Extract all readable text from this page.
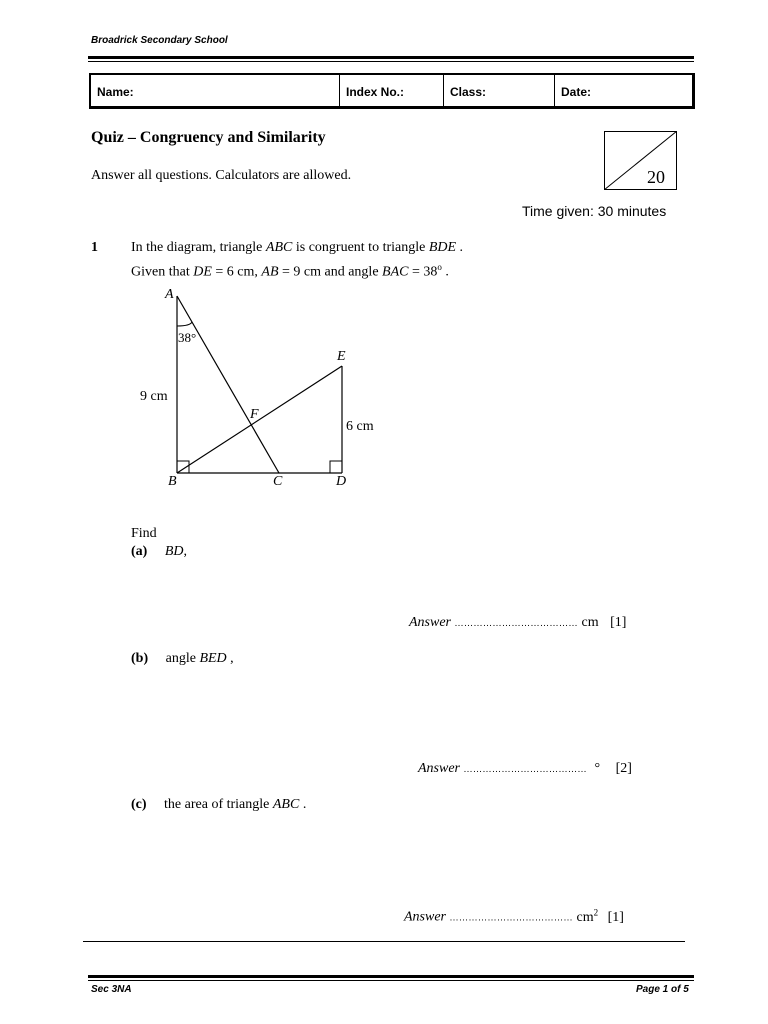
Broadrick Secondary School
Name:	Index No.:	Class:	Date:
Quiz – Congruency and Similarity
Answer all questions. Calculators are allowed.	20
Time given: 30 minutes
1 In the diagram, triangle ABC is congruent to triangle BDE .
Given that DE = 6 cm, AB = 9 cm and angle BAC = $38^o$ .
A
B	C	D
E
F
38°
9 cm
6 cm
Find
(a) BD,
Answer ………………………………… cm [1]
(b) angle BED ,
Answer ………………………………… ° [2]
(c) the area of triangle ABC .
Answer ………………………………… $cm^2$ [1]
Sec 3NA	Page 1 of 5
